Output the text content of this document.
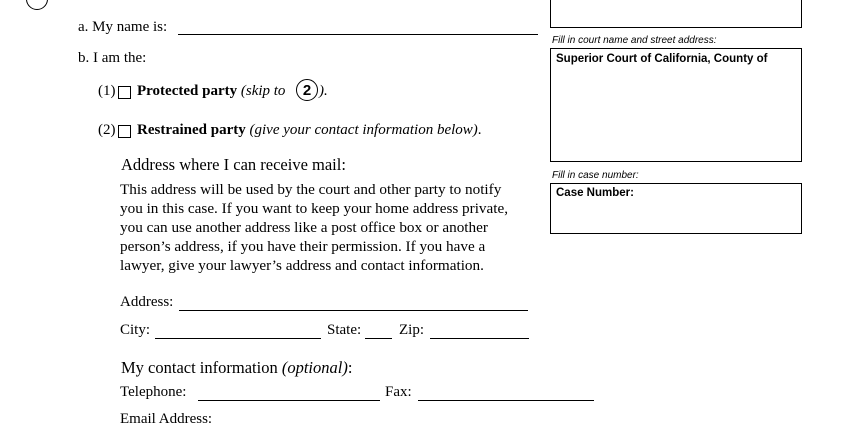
a. My name is:
b. I am the:
(1) Protected party (skip to	2 ).
(2) Restrained party (give your contact information below).
Address where I can receive mail:
This address will be used by the court and other party to notify
you in this case. If you want to keep your home address private,
you can use another address like a post office box or another
person’s address, if you have their permission. If you have a
lawyer, give your lawyer’s address and contact information.
Address:
City:	State:	Zip:
My contact information (optional):
Telephone:	Fax:
Email Address:
Fill in court name and street address:
Superior Court of California, County of
Fill in case number:
Case Number:
